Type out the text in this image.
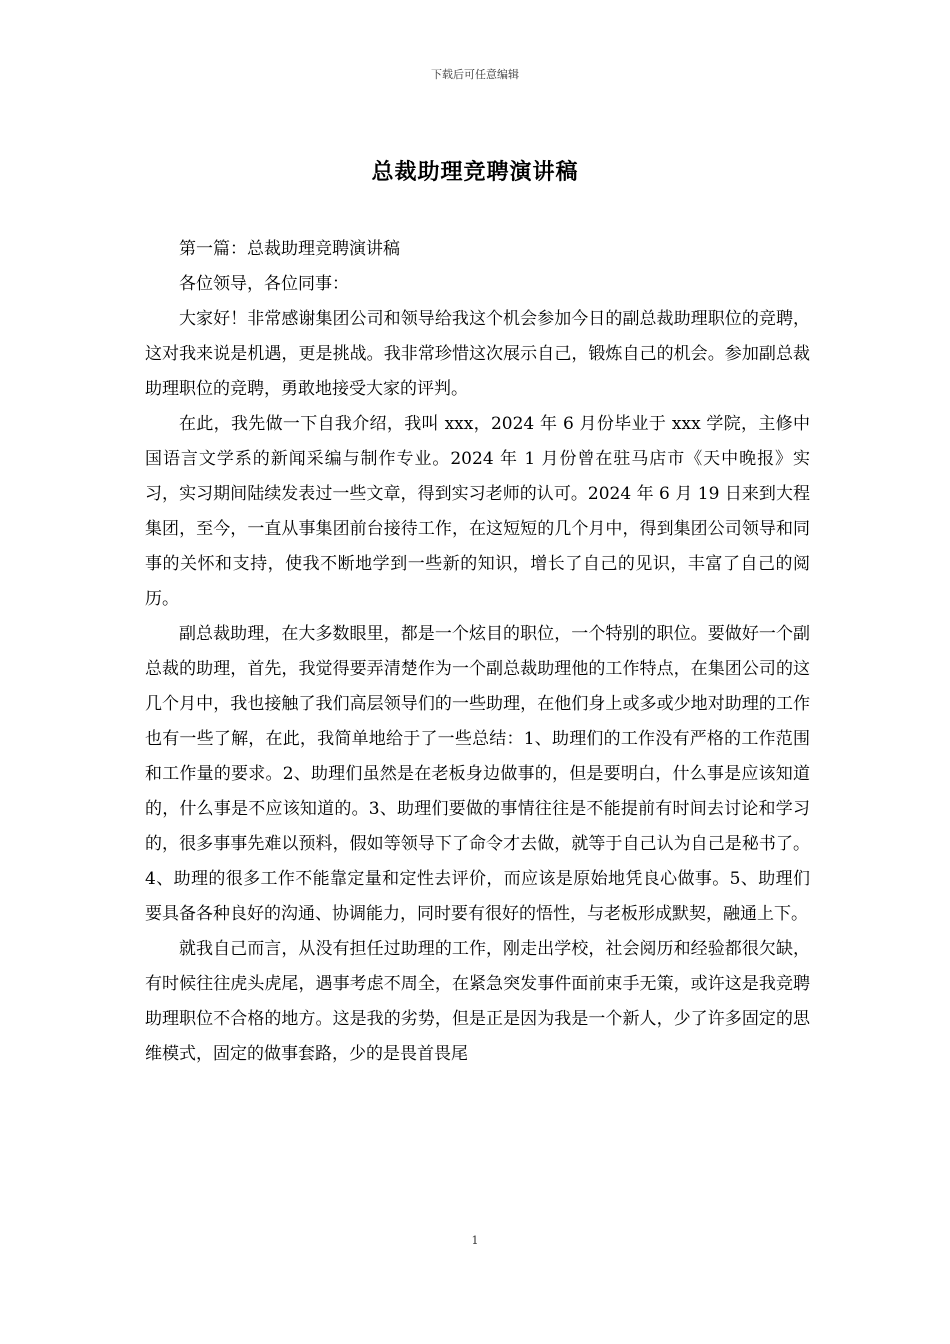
下载后可任意编辑
总裁助理竞聘演讲稿

第一篇：总裁助理竞聘演讲稿

各位领导，各位同事：

大家好！非常感谢集团公司和领导给我这个机会参加今日的副总裁助理职位的竞聘，这对我来说是机遇，更是挑战。我非常珍惜这次展示自己，锻炼自己的机会。参加副总裁助理职位的竞聘，勇敢地接受大家的评判。

在此，我先做一下自我介绍，我叫 xxx，2024 年 6 月份毕业于 xxx 学院，主修中国语言文学系的新闻采编与制作专业。2024 年 1 月份曾在驻马店市《天中晚报》实习，实习期间陆续发表过一些文章，得到实习老师的认可。2024 年 6 月 19 日来到大程集团，至今，一直从事集团前台接待工作，在这短短的几个月中，得到集团公司领导和同事的关怀和支持，使我不断地学到一些新的知识，增长了自己的见识，丰富了自己的阅历。

副总裁助理，在大多数眼里，都是一个炫目的职位，一个特别的职位。要做好一个副总裁的助理，首先，我觉得要弄清楚作为一个副总裁助理他的工作特点，在集团公司的这几个月中，我也接触了我们高层领导们的一些助理，在他们身上或多或少地对助理的工作也有一些了解，在此，我简单地给于了一些总结：1、助理们的工作没有严格的工作范围和工作量的要求。2、助理们虽然是在老板身边做事的，但是要明白，什么事是应该知道的，什么事是不应该知道的。3、助理们要做的事情往往是不能提前有时间去讨论和学习的，很多事事先难以预料，假如等领导下了命令才去做，就等于自己认为自己是秘书了。4、助理的很多工作不能靠定量和定性去评价，而应该是原始地凭良心做事。5、助理们要具备各种良好的沟通、协调能力，同时要有很好的悟性，与老板形成默契，融通上下。

就我自己而言，从没有担任过助理的工作，刚走出学校，社会阅历和经验都很欠缺，有时候往往虎头虎尾，遇事考虑不周全，在紧急突发事件面前束手无策，或许这是我竞聘助理职位不合格的地方。这是我的劣势，但是正是因为我是一个新人，少了许多固定的思维模式，固定的做事套路，少的是畏首畏尾

1
